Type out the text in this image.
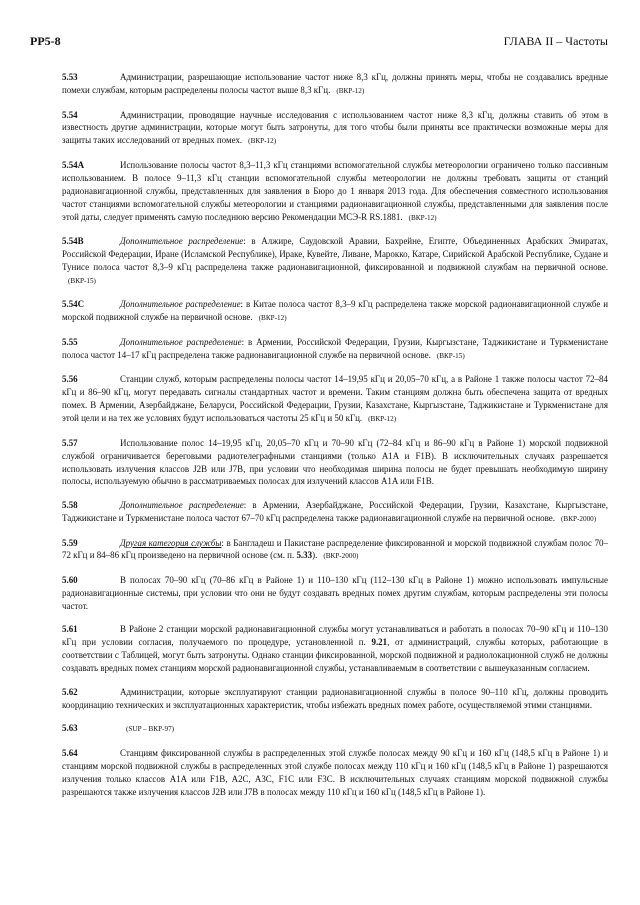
PP5-8	ГЛАВА II – Частоты
5.53	Администрации, разрешающие использование частот ниже 8,3 кГц, должны принять меры, чтобы не создавались вредные помехи службам, которым распределены полосы частот выше 8,3 кГц. (ВКР-12)
5.54	Администрации, проводящие научные исследования с использованием частот ниже 8,3 кГц, должны ставить об этом в известность другие администрации, которые могут быть затронуты, для того чтобы были приняты все практически возможные меры для защиты таких исследований от вредных помех. (ВКР-12)
5.54A	Использование полосы частот 8,3–11,3 кГц станциями вспомогательной службы метеорологии ограничено только пассивным использованием. В полосе 9–11,3 кГц станции вспомогательной службы метеорологии не должны требовать защиты от станций радионавигационной службы, представленных для заявления в Бюро до 1 января 2013 года. Для обеспечения совместного использования частот станциями вспомогательной службы метеорологии и станциями радионавигационной службы, представленными для заявления после этой даты, следует применять самую последнюю версию Рекомендации МСЭ-R RS.1881. (ВКР-12)
5.54B	Дополнительное распределение: в Алжире, Саудовской Аравии, Бахрейне, Египте, Объединенных Арабских Эмиратах, Российской Федерации, Иране (Исламской Республике), Ираке, Кувейте, Ливане, Марокко, Катаре, Сирийской Арабской Республике, Судане и Тунисе полоса частот 8,3–9 кГц распределена также радионавигационной, фиксированной и подвижной службам на первичной основе.(ВКР-15)
5.54C	Дополнительное распределение: в Китае полоса частот 8,3–9 кГц распределена также морской радионавигационной службе и морской подвижной службе на первичной основе. (ВКР-12)
5.55	Дополнительное распределение: в Армении, Российской Федерации, Грузии, Кыргызстане, Таджикистане и Туркменистане полоса частот 14–17 кГц распределена также радионавигационной службе на первичной основе. (ВКР-15)
5.56	Станции служб, которым распределены полосы частот 14–19,95 кГц и 20,05–70 кГц, а в Районе 1 также полосы частот 72–84 кГц и 86–90 кГц, могут передавать сигналы стандартных частот и времени. Таким станциям должна быть обеспечена защита от вредных помех. В Армении, Азербайджане, Беларуси, Российской Федерации, Грузии, Казахстане, Кыргызстане, Таджикистане и Туркменистане для этой цели и на тех же условиях будут использоваться частоты 25 кГц и 50 кГц. (ВКР-12)
5.57	Использование полос 14–19,95 кГц, 20,05–70 кГц и 70–90 кГц (72–84 кГц и 86–90 кГц в Районе 1) морской подвижной службой ограничивается береговыми радиотелеграфными станциями (только A1A и F1B). В исключительных случаях разрешается использовать излучения классов J2B или J7B, при условии что необходимая ширина полосы не будет превышать необходимую ширину полосы, используемую обычно в рассматриваемых полосах для излучений классов A1A или F1B.
5.58	Дополнительное распределение: в Армении, Азербайджане, Российской Федерации, Грузии, Казахстане, Кыргызстане, Таджикистане и Туркменистане полоса частот 67–70 кГц распределена также радионавигационной службе на первичной основе. (ВКР-2000)
5.59	Другая категория службы: в Бангладеш и Пакистане распределение фиксированной и морской подвижной службам полос 70–72 кГц и 84–86 кГц произведено на первичной основе (см. п. 5.33). (ВКР-2000)
5.60	В полосах 70–90 кГц (70–86 кГц в Районе 1) и 110–130 кГц (112–130 кГц в Районе 1) можно использовать импульсные радионавигационные системы, при условии что они не будут создавать вредных помех другим службам, которым распределены эти полосы частот.
5.61	В Районе 2 станции морской радионавигационной службы могут устанавливаться и работать в полосах 70–90 кГц и 110–130 кГц при условии согласия, получаемого по процедуре, установленной п. 9.21, от администраций, службы которых, работающие в соответствии с Таблицей, могут быть затронуты. Однако станции фиксированной, морской подвижной и радиолокационной служб не должны создавать вредных помех станциям морской радионавигационной службы, устанавливаемым в соответствии с вышеуказанным согласием.
5.62	Администрации, которые эксплуатируют станции радионавигационной службы в полосе 90–110 кГц, должны проводить координацию технических и эксплуатационных характеристик, чтобы избежать вредных помех работе, осуществляемой этими станциями.
5.63	(SUP – ВКР-97)
5.64	Станциям фиксированной службы в распределенных этой службе полосах между 90 кГц и 160 кГц (148,5 кГц в Районе 1) и станциям морской подвижной службы в распределенных этой службе полосах между 110 кГц и 160 кГц (148,5 кГц в Районе 1) разрешаются излучения только классов A1A или F1B, A2C, A3C, F1C или F3C. В исключительных случаях станциям морской подвижной службы разрешаются также излучения классов J2B или J7B в полосах между 110 кГц и 160 кГц (148,5 кГц в Районе 1).
